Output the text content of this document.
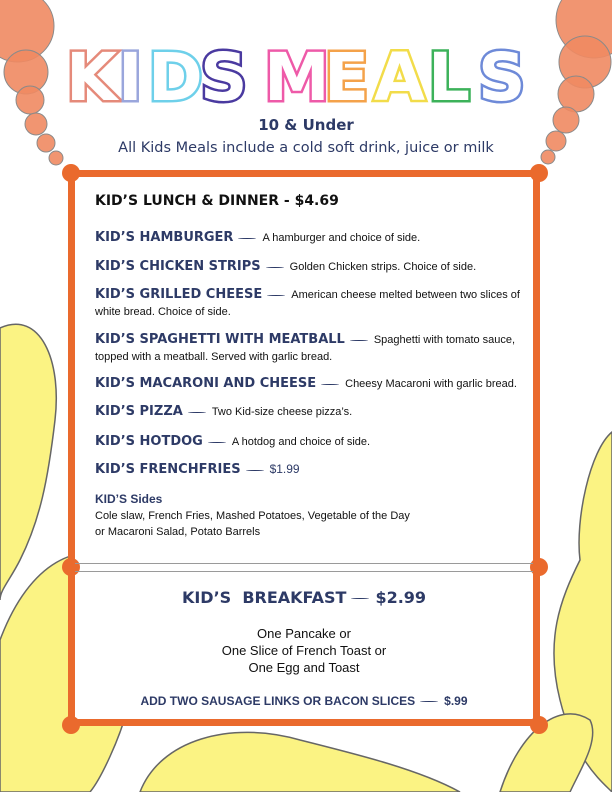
K I D
S M
E A L S
10 & Under
All Kids Meals include a cold soft drink, juice or milk
KID’S LUNCH & DINNER - $4.69
KID’S HAMBURGER	A hamburger and choice of side.
KID’S CHICKEN STRIPS	Golden Chicken strips. Choice of side.
KID’S GRILLED CHEESE	American cheese melted between two slices of white bread. Choice of side.
KID’S SPAGHETTI WITH MEATBALL	Spaghetti with tomato sauce, topped with a meatball. Served with garlic bread.
KID’S MACARONI AND CHEESE	Cheesy Macaroni with garlic bread.
KID’S PIZZA	Two Kid-size cheese pizza’s.
KID’S HOTDOG	A hotdog and choice of side.
KID’S FRENCHFRIES $1.99
KID’S Sides
Cole slaw, French Fries, Mashed Potatoes, Vegetable of the Day
or Macaroni Salad, Potato Barrels
KID’S  BREAKFAST $2.99
One Pancake or
One Slice of French Toast or
One Egg and Toast
ADD TWO SAUSAGE LINKS OR BACON SLICES $.99
